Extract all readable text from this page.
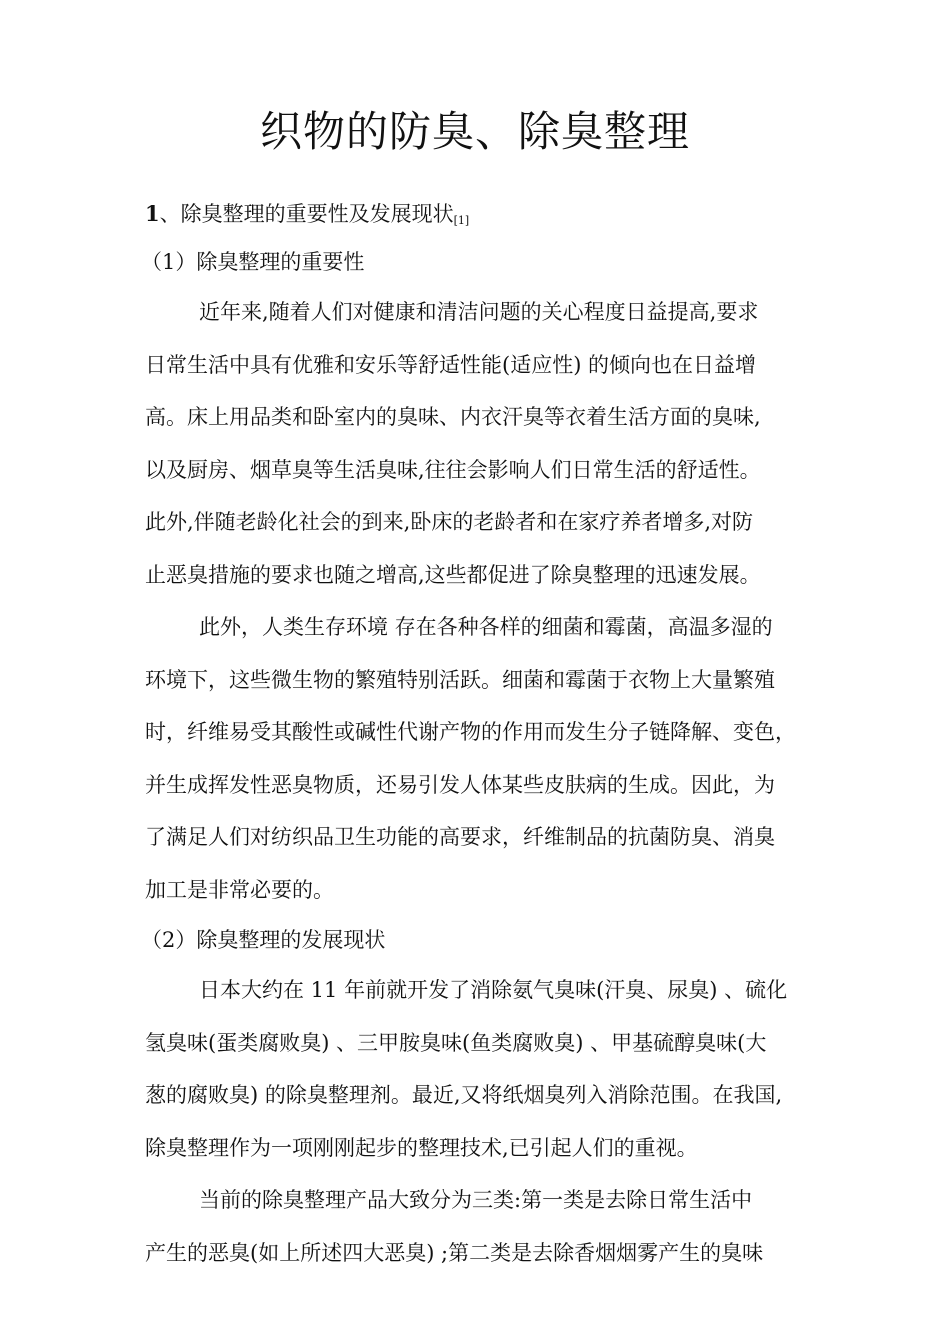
织物的防臭、除臭整理
1、除臭整理的重要性及发展现状[1]
（1）除臭整理的重要性
近年来,随着人们对健康和清洁问题的关心程度日益提高,要求
日常生活中具有优雅和安乐等舒适性能(适应性) 的倾向也在日益增
高。床上用品类和卧室内的臭味、内衣汗臭等衣着生活方面的臭味,
以及厨房、烟草臭等生活臭味,往往会影响人们日常生活的舒适性。
此外,伴随老龄化社会的到来,卧床的老龄者和在家疗养者增多,对防
止恶臭措施的要求也随之增高,这些都促进了除臭整理的迅速发展。
此外，人类生存环境 存在各种各样的细菌和霉菌，高温多湿的
环境下，这些微生物的繁殖特别活跃。细菌和霉菌于衣物上大量繁殖
时，纤维易受其酸性或碱性代谢产物的作用而发生分子链降解、变色，
并生成挥发性恶臭物质，还易引发人体某些皮肤病的生成。因此，为
了满足人们对纺织品卫生功能的高要求，纤维制品的抗菌防臭、消臭
加工是非常必要的。
（2）除臭整理的发展现状
日本大约在 11 年前就开发了消除氨气臭味(汗臭、尿臭) 、硫化
氢臭味(蛋类腐败臭) 、三甲胺臭味(鱼类腐败臭) 、甲基硫醇臭味(大
葱的腐败臭) 的除臭整理剂。最近,又将纸烟臭列入消除范围。在我国,
除臭整理作为一项刚刚起步的整理技术,已引起人们的重视。
当前的除臭整理产品大致分为三类:第一类是去除日常生活中
产生的恶臭(如上所述四大恶臭) ;第二类是去除香烟烟雾产生的臭味
